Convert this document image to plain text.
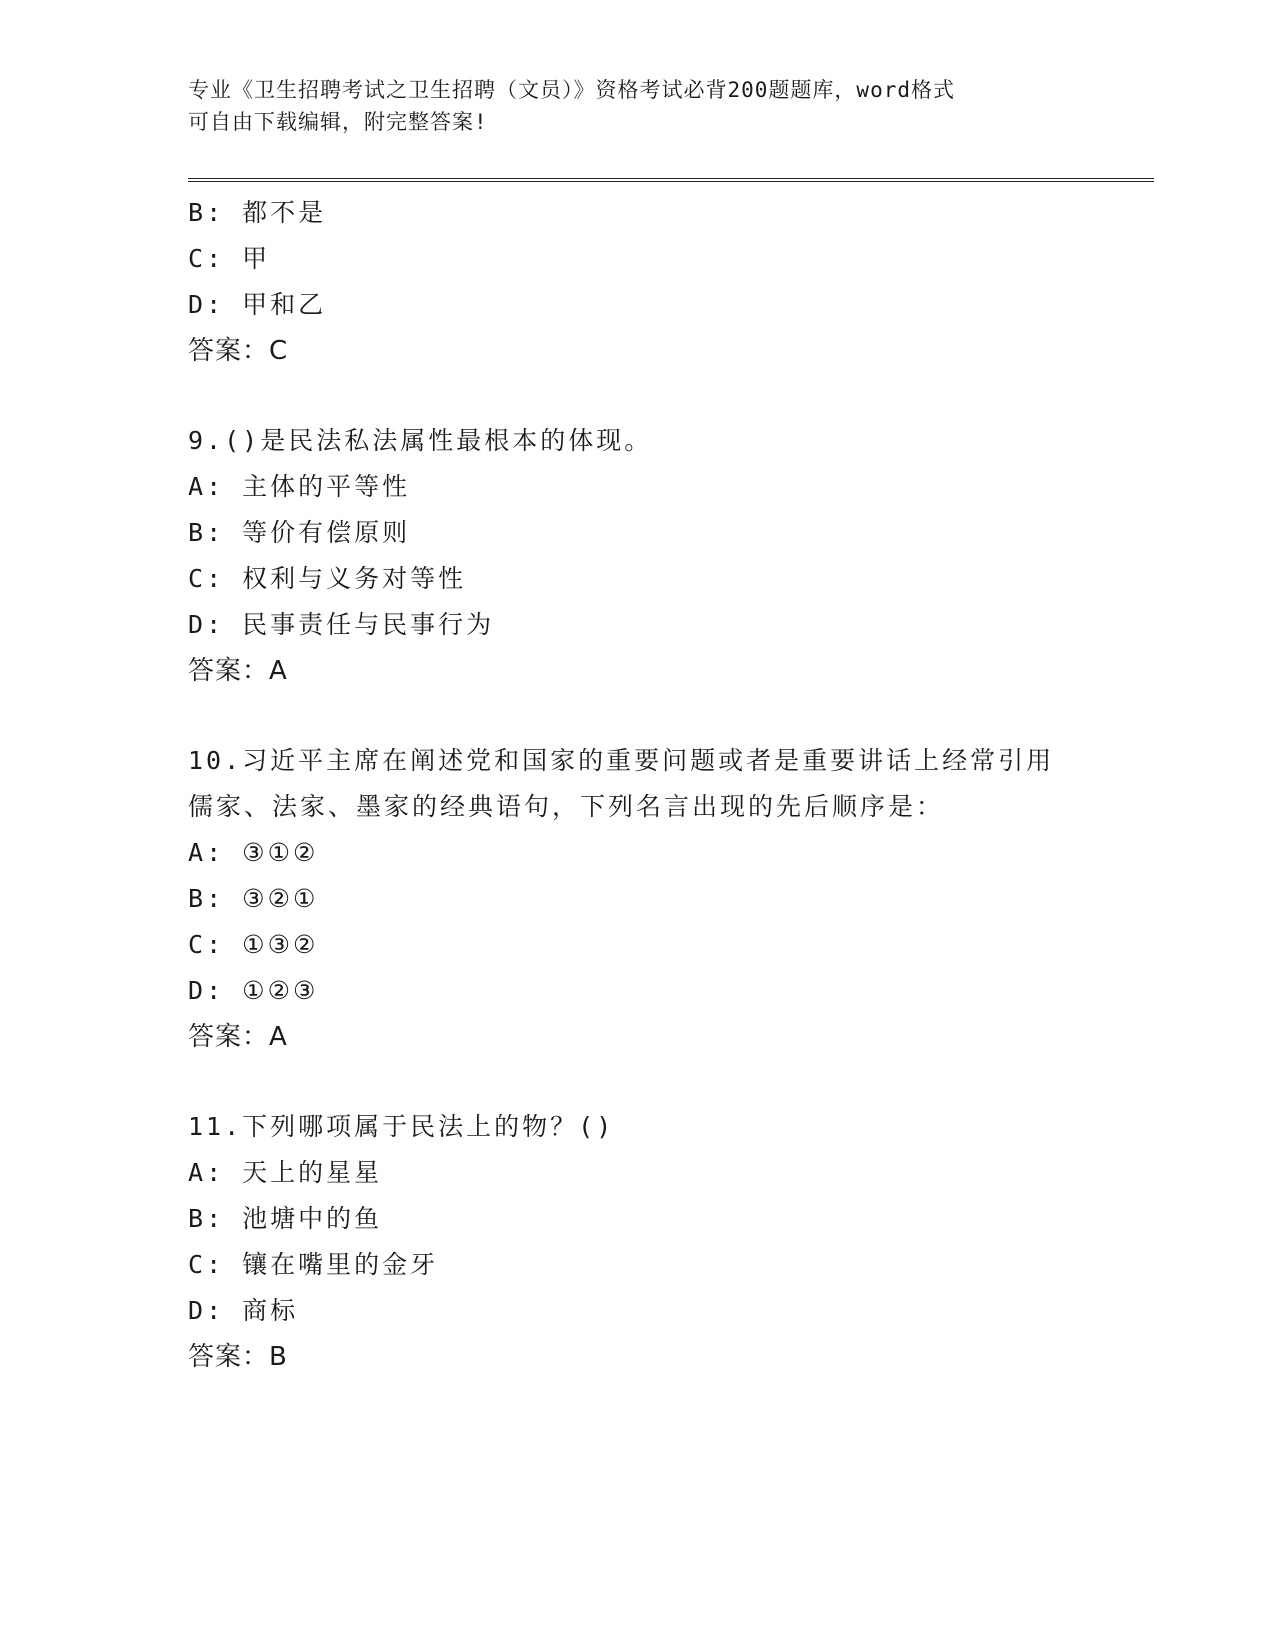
专业《卫生招聘考试之卫生招聘（文员）》资格考试必背200题题库，word格式
可自由下载编辑，附完整答案!
B: 都不是
C: 甲
D: 甲和乙
答案：C
9.()是民法私法属性最根本的体现。
A: 主体的平等性
B: 等价有偿原则
C: 权利与义务对等性
D: 民事责任与民事行为
答案：A
10.习近平主席在阐述党和国家的重要问题或者是重要讲话上经常引用
儒家、法家、墨家的经典语句，下列名言出现的先后顺序是：
A: ③①②
B: ③②①
C: ①③②
D: ①②③
答案：A
11.下列哪项属于民法上的物？()
A: 天上的星星
B: 池塘中的鱼
C: 镶在嘴里的金牙
D: 商标
答案：B
